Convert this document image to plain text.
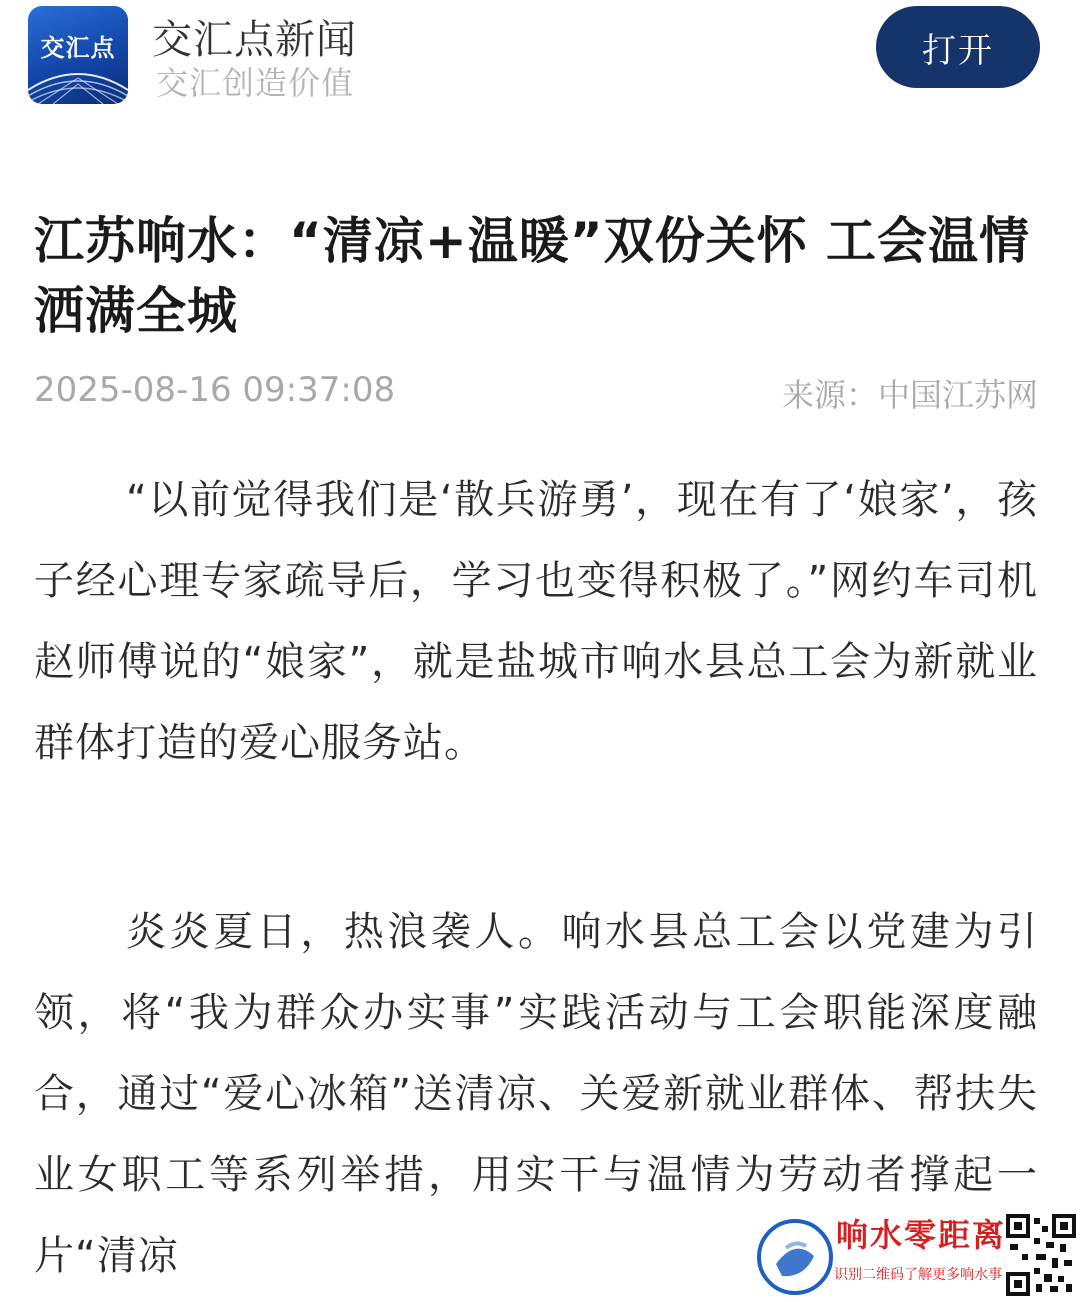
交汇点 交汇点新闻
交汇创造价值
打开
江苏响水：“清凉+温暖”双份关怀 工会温情洒满全城
2025-08-16 09:37:08	来源：中国江苏网

“以前觉得我们是‘散兵游勇’，现在有了‘娘家’，孩子经心理专家疏导后，学习也变得积极了。”网约车司机赵师傅说的“娘家”，就是盐城市响水县总工会为新就业群体打造的爱心服务站。

炎炎夏日，热浪袭人。响水县总工会以党建为引领，将“我为群众办实事”实践活动与工会职能深度融合，通过“爱心冰箱”送清凉、关爱新就业群体、帮扶失业女职工等系列举措，用实干与温情为劳动者撑起一片“清凉	响水零距离
识别二维码了解更多响水事
